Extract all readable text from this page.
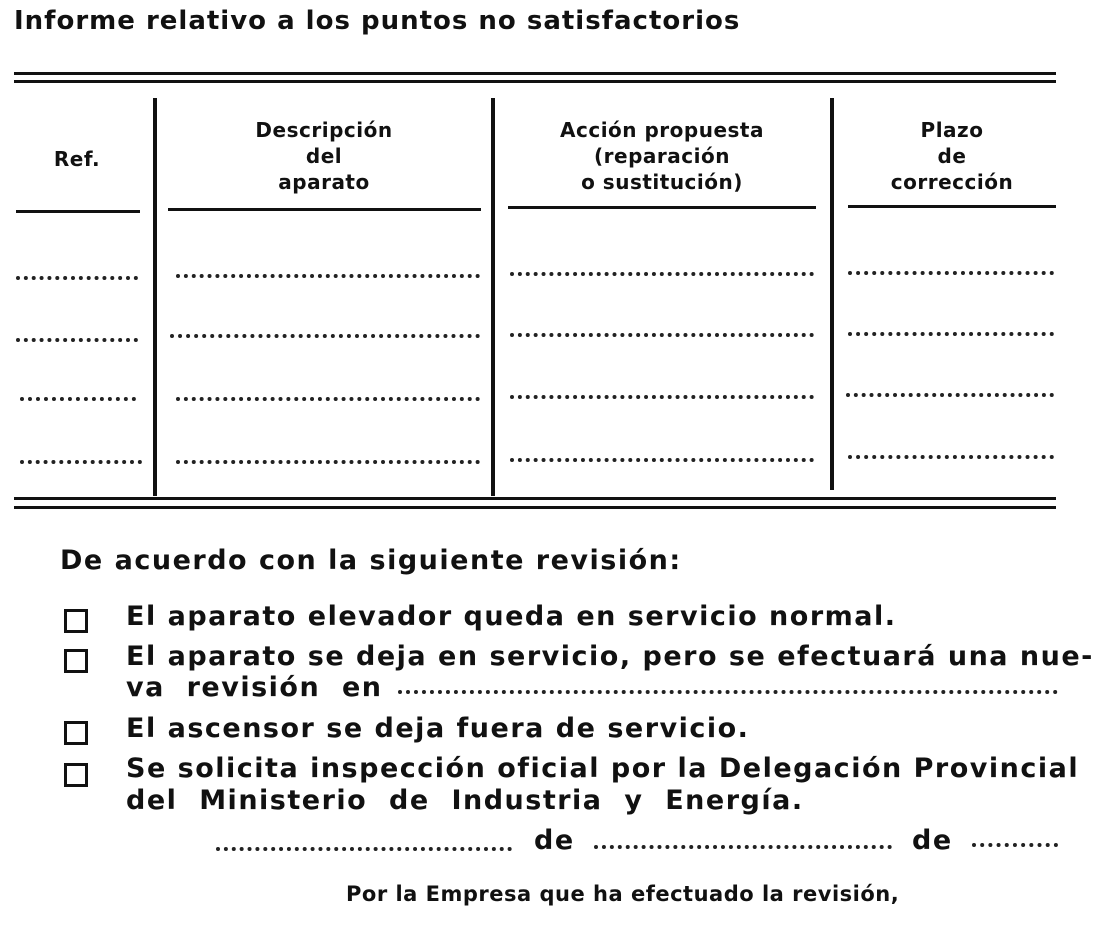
Informe relativo a los puntos no satisfactorios
Ref.
Descripción
del
aparato
Acción propuesta
(reparación
o sustitución)
Plazo
de
corrección
De acuerdo con la siguiente revisión:
El aparato elevador queda en servicio normal.
El aparato se deja en servicio, pero se efectuará una nue-
va  revisión  en
El ascensor se deja fuera de servicio.
Se solicita inspección oficial por la Delegación Provincial
del  Ministerio  de  Industria  y  Energía.
de	de
Por la Empresa que ha efectuado la revisión,
